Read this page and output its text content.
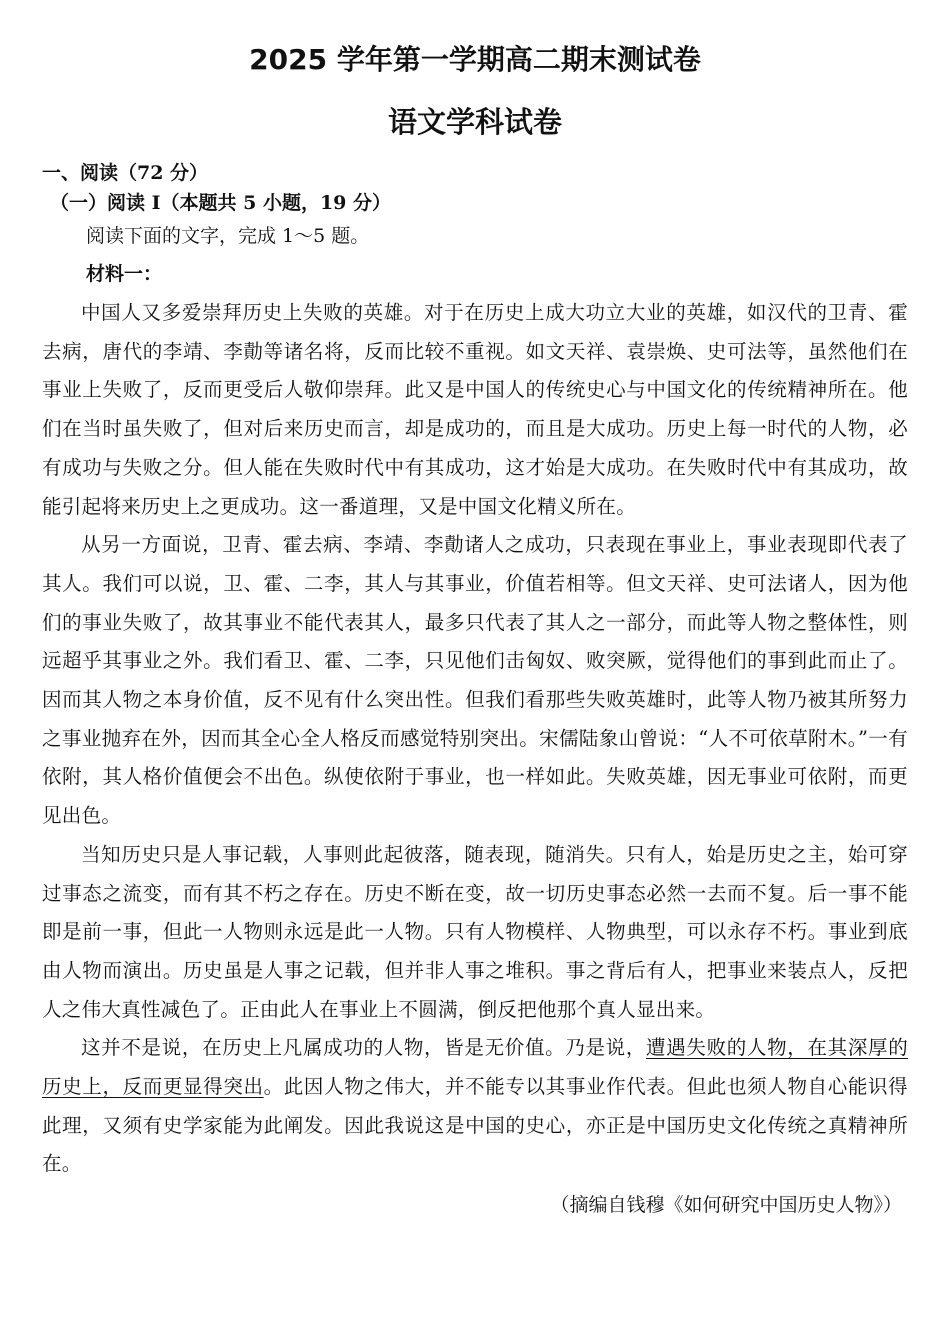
2025 学年第一学期高二期末测试卷
语文学科试卷

一、阅读（72 分）

（一）阅读 I（本题共 5 小题，19 分）

阅读下面的文字，完成 1～5 题。

材料一：

中国人又多爱崇拜历史上失败的英雄。对于在历史上成大功立大业的英雄，如汉代的卫青、霍去病，唐代的李靖、李勣等诸名将，反而比较不重视。如文天祥、袁崇焕、史可法等，虽然他们在事业上失败了，反而更受后人敬仰崇拜。此又是中国人的传统史心与中国文化的传统精神所在。他们在当时虽失败了，但对后来历史而言，却是成功的，而且是大成功。历史上每一时代的人物，必有成功与失败之分。但人能在失败时代中有其成功，这才始是大成功。在失败时代中有其成功，故能引起将来历史上之更成功。这一番道理，又是中国文化精义所在。

从另一方面说，卫青、霍去病、李靖、李勣诸人之成功，只表现在事业上，事业表现即代表了其人。我们可以说，卫、霍、二李，其人与其事业，价值若相等。但文天祥、史可法诸人，因为他们的事业失败了，故其事业不能代表其人，最多只代表了其人之一部分，而此等人物之整体性，则远超乎其事业之外。我们看卫、霍、二李，只见他们击匈奴、败突厥，觉得他们的事到此而止了。因而其人物之本身价值，反不见有什么突出性。但我们看那些失败英雄时，此等人物乃被其所努力之事业抛弃在外，因而其全心全人格反而感觉特别突出。宋儒陆象山曾说：“人不可依草附木。”一有依附，其人格价值便会不出色。纵使依附于事业，也一样如此。失败英雄，因无事业可依附，而更见出色。

当知历史只是人事记载，人事则此起彼落，随表现，随消失。只有人，始是历史之主，始可穿过事态之流变，而有其不朽之存在。历史不断在变，故一切历史事态必然一去而不复。后一事不能即是前一事，但此一人物则永远是此一人物。只有人物模样、人物典型，可以永存不朽。事业到底由人物而演出。历史虽是人事之记载，但并非人事之堆积。事之背后有人，把事业来装点人，反把人之伟大真性减色了。正由此人在事业上不圆满，倒反把他那个真人显出来。

这并不是说，在历史上凡属成功的人物，皆是无价值。乃是说，遭遇失败的人物，在其深厚的历史上，反而更显得突出。此因人物之伟大，并不能专以其事业作代表。但此也须人物自心能识得此理，又须有史学家能为此阐发。因此我说这是中国的史心，亦正是中国历史文化传统之真精神所在。

（摘编自钱穆《如何研究中国历史人物》）
